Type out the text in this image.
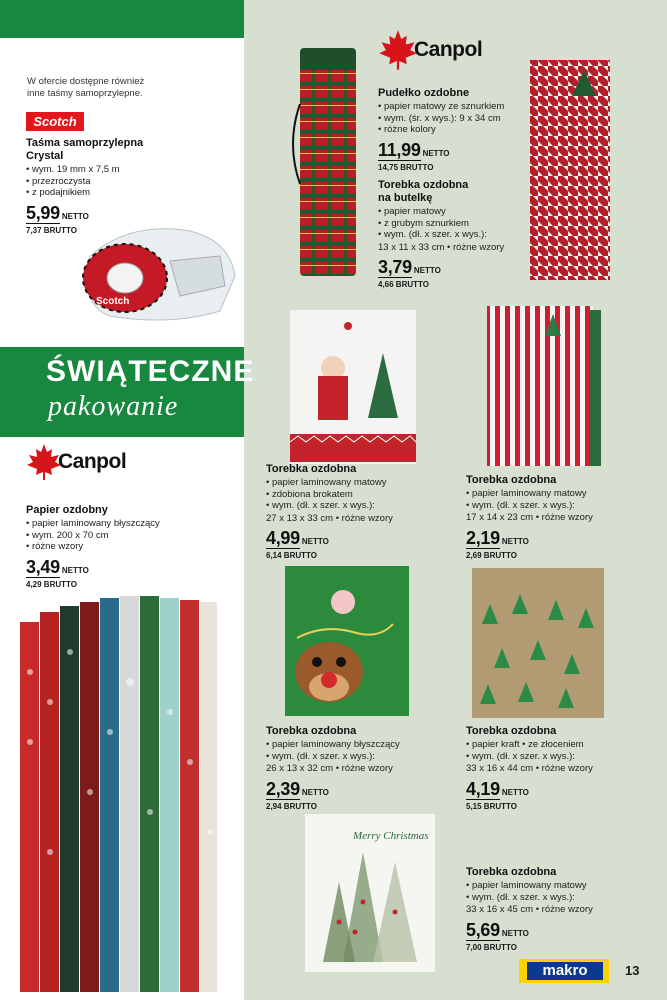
W ofercie dostępne również
inne taśmy samoprzylepne.
Scotch
Taśma samoprzylepna
Crystal
• wym. 19 mm x 7,5 m
• przezroczysta
• z podajnikiem
5,99 NETTO
7,37 BRUTTO
Scotch
ŚWIĄTECZNE
pakowanie
Canpol
Papier ozdobny
• papier laminowany błyszczący
• wym. 200 x 70 cm
• różne wzory
3,49 NETTO
4,29 BRUTTO
Canpol
Pudełko ozdobne
• papier matowy ze sznurkiem
• wym. (śr. x wys.): 9 x 34 cm
• różne kolory
11,99 NETTO
14,75 BRUTTO
Torebka ozdobna
na butelkę
• papier matowy
• z grubym sznurkiem
• wym. (dł. x szer. x wys.):
13 x 11 x 33 cm • różne wzory
3,79 NETTO
4,66 BRUTTO
Torebka ozdobna
• papier laminowany matowy
• zdobiona brokatem
• wym. (dł. x szer. x wys.):
27 x 13 x 33 cm • różne wzory
4,99 NETTO
6,14 BRUTTO
Torebka ozdobna
• papier laminowany matowy
• wym. (dł. x szer. x wys.):
17 x 14 x 23 cm • różne wzory
2,19 NETTO
2,69 BRUTTO
Torebka ozdobna
• papier laminowany błyszczący
• wym. (dł. x szer. x wys.):
26 x 13 x 32 cm • różne wzory
2,39 NETTO
2,94 BRUTTO
Torebka ozdobna
• papier kraft • ze złoceniem
• wym. (dł. x szer. x wys.):
33 x 16 x 44 cm • różne wzory
4,19 NETTO
5,15 BRUTTO
Merry Christmas
Torebka ozdobna
• papier laminowany matowy
• wym. (dł. x szer. x wys.):
33 x 16 x 45 cm • różne wzory
5,69 NETTO
7,00 BRUTTO
makro	13
